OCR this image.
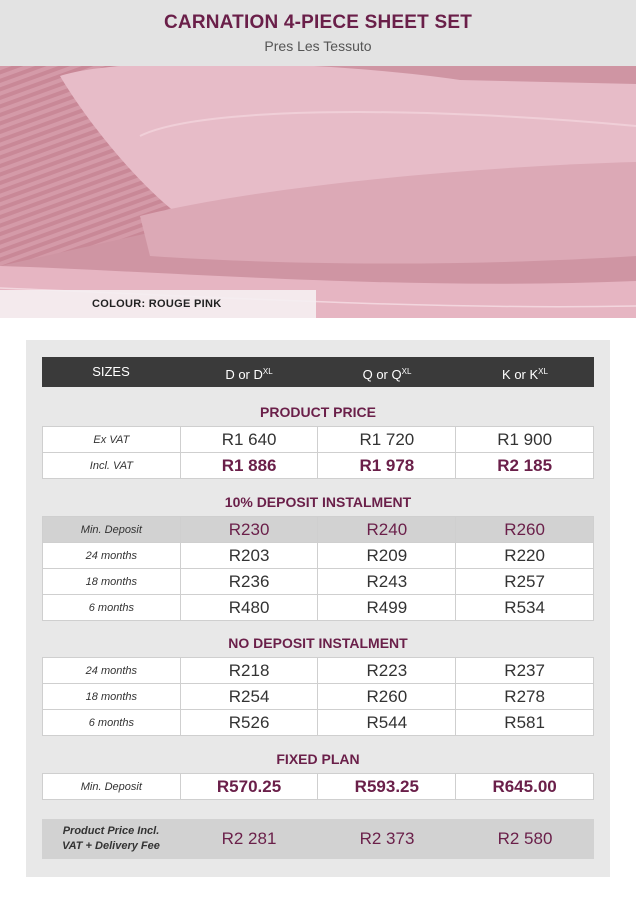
CARNATION 4-PIECE SHEET SET
Pres Les Tessuto
COLOUR: ROUGE PINK
SIZES	D or $D^{XL}$	Q or $Q^{XL}$	K or $K^{XL}$
PRODUCT PRICE
Ex VAT	R1 640	R1 720	R1 900
Incl. VAT	R1 886	R1 978	R2 185
10% DEPOSIT INSTALMENT
Min. Deposit	R230	R240	R260
24 months	R203	R209	R220
18 months	R236	R243	R257
6 months	R480	R499	R534
NO DEPOSIT INSTALMENT
24 months	R218	R223	R237
18 months	R254	R260	R278
6 months	R526	R544	R581
FIXED PLAN
Min. Deposit	R570.25	R593.25	R645.00
Product Price Incl.
VAT + Delivery Fee	R2 281	R2 373	R2 580
